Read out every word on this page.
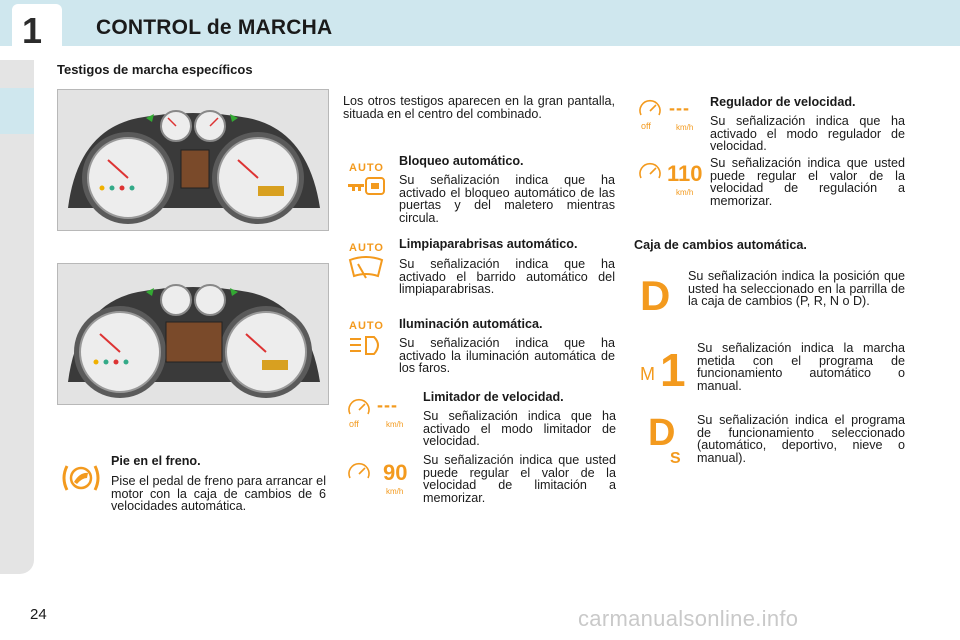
1	CONTROL de MARCHA
Testigos de marcha específicos
Pie en el freno.
Pise el pedal de freno para arrancar el motor con la caja de cambios de 6 velocidades automática.
Los otros testigos aparecen en la gran pantalla, situada en el centro del combinado.
AUTO Bloqueo automático.
Su señalización indica que ha activado el bloqueo automático de las puertas y del maletero mientras circula.
AUTO Limpiaparabrisas automático.
Su señalización indica que ha activado el barrido automático del limpiaparabrisas.
AUTO Iluminación automática.
Su señalización indica que ha activado la iluminación automática de los faros.
off
---
km/h
90
km/h
Limitador de velocidad.
Su señalización indica que ha activado el modo limitador de velocidad.
Su señalización indica que usted puede regular el valor de la velocidad de limitación a memorizar.
off
---
km/h
110
km/h
Regulador de velocidad.
Su señalización indica que ha activado el modo regulador de velocidad.
Su señalización indica que usted puede regular el valor de la velocidad de regulación a memorizar.
Caja de cambios automática.
D Su señalización indica la posición que usted ha seleccionado en la parrilla de la caja de cambios (P, R, N o D).
M 1 Su señalización indica la marcha metida con el programa de funcionamiento automático o manual.
D
S
Su señalización indica el programa de funcionamiento seleccionado (automático, deportivo, nieve o manual).
24	carmanualsonline.info
